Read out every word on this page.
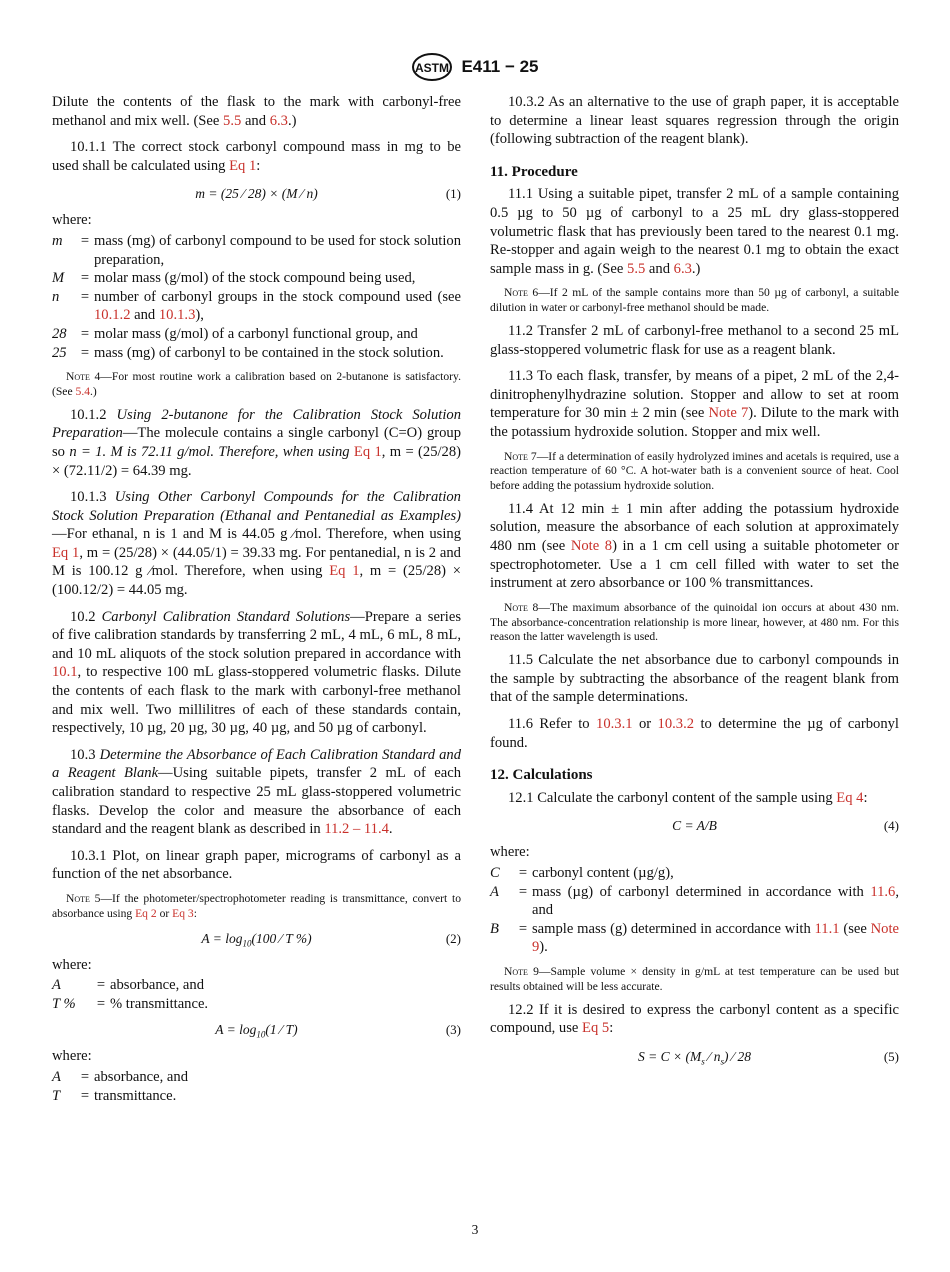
ASTM E411 − 25

Dilute the contents of the flask to the mark with carbonyl-free methanol and mix well. (See 5.5 and 6.3.)

10.1.1 The correct stock carbonyl compound mass in mg to be used shall be calculated using Eq 1:

m = (25 ⁄ 28) × (M ⁄ n)	(1)
where:
m	=	mass (mg) of carbonyl compound to be used for stock solution preparation,
M	=	molar mass (g/mol) of the stock compound being used,
n	=	number of carbonyl groups in the stock compound used (see 10.1.2 and 10.1.3),
28	=	molar mass (g/mol) of a carbonyl functional group, and
25	=	mass (mg) of carbonyl to be contained in the stock solution.
Note 4—For most routine work a calibration based on 2-butanone is satisfactory. (See 5.4.)

10.1.2 Using 2-butanone for the Calibration Stock Solution Preparation—The molecule contains a single carbonyl (C=O) group so n = 1. M is 72.11 g/mol. Therefore, when using Eq 1, m = (25/28) × (72.11/2) = 64.39 mg.

10.1.3 Using Other Carbonyl Compounds for the Calibration Stock Solution Preparation (Ethanal and Pentanedial as Examples)—For ethanal, n is 1 and M is 44.05 g ⁄mol. Therefore, when using Eq 1, m = (25/28) × (44.05/1) = 39.33 mg. For pentanedial, n is 2 and M is 100.12 g ⁄mol. Therefore, when using Eq 1, m = (25/28) × (100.12/2) = 44.05 mg.

10.2 Carbonyl Calibration Standard Solutions—Prepare a series of five calibration standards by transferring 2 mL, 4 mL, 6 mL, 8 mL, and 10 mL aliquots of the stock solution prepared in accordance with 10.1, to respective 100 mL glass-stoppered volumetric flasks. Dilute the contents of each flask to the mark with carbonyl-free methanol and mix well. Two millilitres of each of these standards contain, respectively, 10 µg, 20 µg, 30 µg, 40 µg, and 50 µg of carbonyl.

10.3 Determine the Absorbance of Each Calibration Standard and a Reagent Blank—Using suitable pipets, transfer 2 mL of each calibration standard to respective 25 mL glass-stoppered volumetric flasks. Develop the color and measure the absorbance of each standard and the reagent blank as described in 11.2 – 11.4.

10.3.1 Plot, on linear graph paper, micrograms of carbonyl as a function of the net absorbance.

Note 5—If the photometer/spectrophotometer reading is transmittance, convert to absorbance using Eq 2 or Eq 3:
$A = \log_{10}(100$ ⁄ T %)	(2)
where:
A	=	absorbance, and
T %	=	% transmittance.
$A = \log_{10}(1$ ⁄ T)	(3)
where:
A	=	absorbance, and
T	=	transmittance.

10.3.2 As an alternative to the use of graph paper, it is acceptable to determine a linear least squares regression through the origin (following subtraction of the reagent blank).

11. Procedure

11.1 Using a suitable pipet, transfer 2 mL of a sample containing 0.5 µg to 50 µg of carbonyl to a 25 mL dry glass-stoppered volumetric flask that has previously been tared to the nearest 0.1 mg. Re-stopper and again weigh to the nearest 0.1 mg to obtain the exact sample mass in g. (See 5.5 and 6.3.)

Note 6—If 2 mL of the sample contains more than 50 µg of carbonyl, a suitable dilution in water or carbonyl-free methanol should be made.

11.2 Transfer 2 mL of carbonyl-free methanol to a second 25 mL glass-stoppered volumetric flask for use as a reagent blank.

11.3 To each flask, transfer, by means of a pipet, 2 mL of the 2,4-dinitrophenylhydrazine solution. Stopper and allow to set at room temperature for 30 min ± 2 min (see Note 7). Dilute to the mark with the potassium hydroxide solution. Stopper and mix well.

Note 7—If a determination of easily hydrolyzed imines and acetals is required, use a reaction temperature of 60 °C. A hot-water bath is a convenient source of heat. Cool before adding the potassium hydroxide solution.

11.4 At 12 min ± 1 min after adding the potassium hydroxide solution, measure the absorbance of each solution at approximately 480 nm (see Note 8) in a 1 cm cell using a suitable photometer or spectrophotometer. Use a 1 cm cell filled with water to set the instrument at zero absorbance or 100 % transmittances.

Note 8—The maximum absorbance of the quinoidal ion occurs at about 430 nm. The absorbance-concentration relationship is more linear, however, at 480 nm. For this reason the latter wavelength is used.

11.5 Calculate the net absorbance due to carbonyl compounds in the sample by subtracting the absorbance of the reagent blank from that of the sample determinations.

11.6 Refer to 10.3.1 or 10.3.2 to determine the µg of carbonyl found.

12. Calculations

12.1 Calculate the carbonyl content of the sample using Eq 4:

C = A/B	(4)
where:
C	=	carbonyl content (µg/g),
A	=	mass (µg) of carbonyl determined in accordance with 11.6, and
B	=	sample mass (g) determined in accordance with 11.1 (see Note 9).
Note 9—Sample volume × density in g/mL at test temperature can be used but results obtained will be less accurate.

12.2 If it is desired to express the carbonyl content as a specific compound, use Eq 5:

$S = C \times (M_s$ ⁄ $n_s$) ⁄ 28	(5)
3
